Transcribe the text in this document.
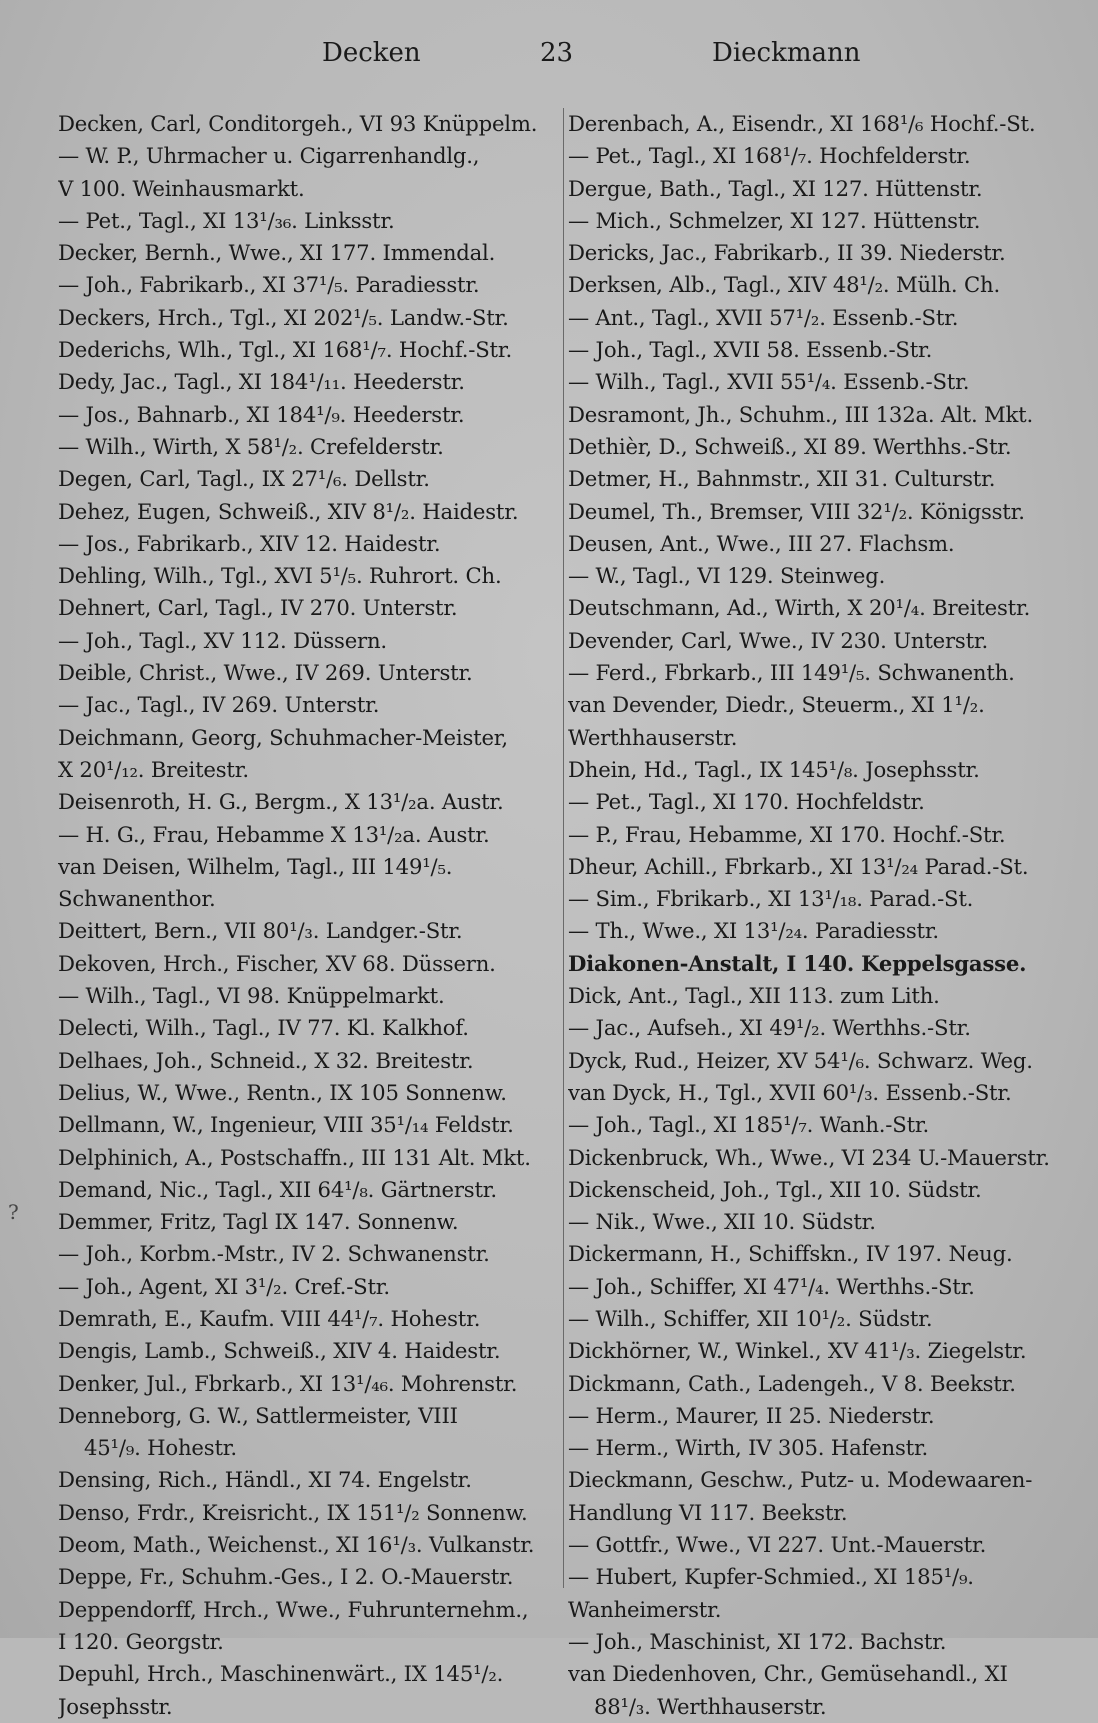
Decken	23	Dieckmann
?
Decken, Carl, Conditorgeh., VI 93 Knüppelm.
— W. P., Uhrmacher u. Cigarrenhandlg.,
V 100. Weinhausmarkt.
— Pet., Tagl., XI 13¹/₃₆. Linksstr.
Decker, Bernh., Wwe., XI 177. Immendal.
— Joh., Fabrikarb., XI 37¹/₅. Paradiesstr.
Deckers, Hrch., Tgl., XI 202¹/₅. Landw.-Str.
Dederichs, Wlh., Tgl., XI 168¹/₇. Hochf.-Str.
Dedy, Jac., Tagl., XI 184¹/₁₁. Heederstr.
— Jos., Bahnarb., XI 184¹/₉. Heederstr.
— Wilh., Wirth, X 58¹/₂. Crefelderstr.
Degen, Carl, Tagl., IX 27¹/₆. Dellstr.
Dehez, Eugen, Schweiß., XIV 8¹/₂. Haidestr.
— Jos., Fabrikarb., XIV 12. Haidestr.
Dehling, Wilh., Tgl., XVI 5¹/₅. Ruhrort. Ch.
Dehnert, Carl, Tagl., IV 270. Unterstr.
— Joh., Tagl., XV 112. Düssern.
Deible, Christ., Wwe., IV 269. Unterstr.
— Jac., Tagl., IV 269. Unterstr.
Deichmann, Georg, Schuhmacher-Meister,
X 20¹/₁₂. Breitestr.
Deisenroth, H. G., Bergm., X 13¹/₂a. Austr.
— H. G., Frau, Hebamme X 13¹/₂a. Austr.
van Deisen, Wilhelm, Tagl., III 149¹/₅.
Schwanenthor.
Deittert, Bern., VII 80¹/₃. Landger.-Str.
Dekoven, Hrch., Fischer, XV 68. Düssern.
— Wilh., Tagl., VI 98. Knüppelmarkt.
Delecti, Wilh., Tagl., IV 77. Kl. Kalkhof.
Delhaes, Joh., Schneid., X 32. Breitestr.
Delius, W., Wwe., Rentn., IX 105 Sonnenw.
Dellmann, W., Ingenieur, VIII 35¹/₁₄ Feldstr.
Delphinich, A., Postschaffn., III 131 Alt. Mkt.
Demand, Nic., Tagl., XII 64¹/₈. Gärtnerstr.
Demmer, Fritz, Tagl IX 147. Sonnenw.
— Joh., Korbm.-Mstr., IV 2. Schwanenstr.
— Joh., Agent, XI 3¹/₂. Cref.-Str.
Demrath, E., Kaufm. VIII 44¹/₇. Hohestr.
Dengis, Lamb., Schweiß., XIV 4. Haidestr.
Denker, Jul., Fbrkarb., XI 13¹/₄₆. Mohrenstr.
Denneborg, G. W., Sattlermeister, VIII
45¹/₉. Hohestr.
Densing, Rich., Händl., XI 74. Engelstr.
Denso, Frdr., Kreisricht., IX 151¹/₂ Sonnenw.
Deom, Math., Weichenst., XI 16¹/₃. Vulkanstr.
Deppe, Fr., Schuhm.-Ges., I 2. O.-Mauerstr.
Deppendorff, Hrch., Wwe., Fuhrunternehm.,
I 120. Georgstr.
Depuhl, Hrch., Maschinenwärt., IX 145¹/₂.
Josephsstr.
Derenbach, A., Eisendr., XI 168¹/₆ Hochf.-St.
— Pet., Tagl., XI 168¹/₇. Hochfelderstr.
Dergue, Bath., Tagl., XI 127. Hüttenstr.
— Mich., Schmelzer, XI 127. Hüttenstr.
Dericks, Jac., Fabrikarb., II 39. Niederstr.
Derksen, Alb., Tagl., XIV 48¹/₂. Mülh. Ch.
— Ant., Tagl., XVII 57¹/₂. Essenb.-Str.
— Joh., Tagl., XVII 58. Essenb.-Str.
— Wilh., Tagl., XVII 55¹/₄. Essenb.-Str.
Desramont, Jh., Schuhm., III 132a. Alt. Mkt.
Dethièr, D., Schweiß., XI 89. Werthhs.-Str.
Detmer, H., Bahnmstr., XII 31. Culturstr.
Deumel, Th., Bremser, VIII 32¹/₂. Königsstr.
Deusen, Ant., Wwe., III 27. Flachsm.
— W., Tagl., VI 129. Steinweg.
Deutschmann, Ad., Wirth, X 20¹/₄. Breitestr.
Devender, Carl, Wwe., IV 230. Unterstr.
— Ferd., Fbrkarb., III 149¹/₅. Schwanenth.
van Devender, Diedr., Steuerm., XI 1¹/₂.
Werthhauserstr.
Dhein, Hd., Tagl., IX 145¹/₈. Josephsstr.
— Pet., Tagl., XI 170. Hochfeldstr.
— P., Frau, Hebamme, XI 170. Hochf.-Str.
Dheur, Achill., Fbrkarb., XI 13¹/₂₄ Parad.-St.
— Sim., Fbrikarb., XI 13¹/₁₈. Parad.-St.
— Th., Wwe., XI 13¹/₂₄. Paradiesstr.
Diakonen-Anstalt, I 140. Keppelsgasse.
Dick, Ant., Tagl., XII 113. zum Lith.
— Jac., Aufseh., XI 49¹/₂. Werthhs.-Str.
Dyck, Rud., Heizer, XV 54¹/₆. Schwarz. Weg.
van Dyck, H., Tgl., XVII 60¹/₃. Essenb.-Str.
— Joh., Tagl., XI 185¹/₇. Wanh.-Str.
Dickenbruck, Wh., Wwe., VI 234 U.-Mauerstr.
Dickenscheid, Joh., Tgl., XII 10. Südstr.
— Nik., Wwe., XII 10. Südstr.
Dickermann, H., Schiffskn., IV 197. Neug.
— Joh., Schiffer, XI 47¹/₄. Werthhs.-Str.
— Wilh., Schiffer, XII 10¹/₂. Südstr.
Dickhörner, W., Winkel., XV 41¹/₃. Ziegelstr.
Dickmann, Cath., Ladengeh., V 8. Beekstr.
— Herm., Maurer, II 25. Niederstr.
— Herm., Wirth, IV 305. Hafenstr.
Dieckmann, Geschw., Putz- u. Modewaaren-
Handlung VI 117. Beekstr.
— Gottfr., Wwe., VI 227. Unt.-Mauerstr.
— Hubert, Kupfer-Schmied., XI 185¹/₉.
Wanheimerstr.
— Joh., Maschinist, XI 172. Bachstr.
van Diedenhoven, Chr., Gemüsehandl., XI
88¹/₃. Werthhauserstr.
